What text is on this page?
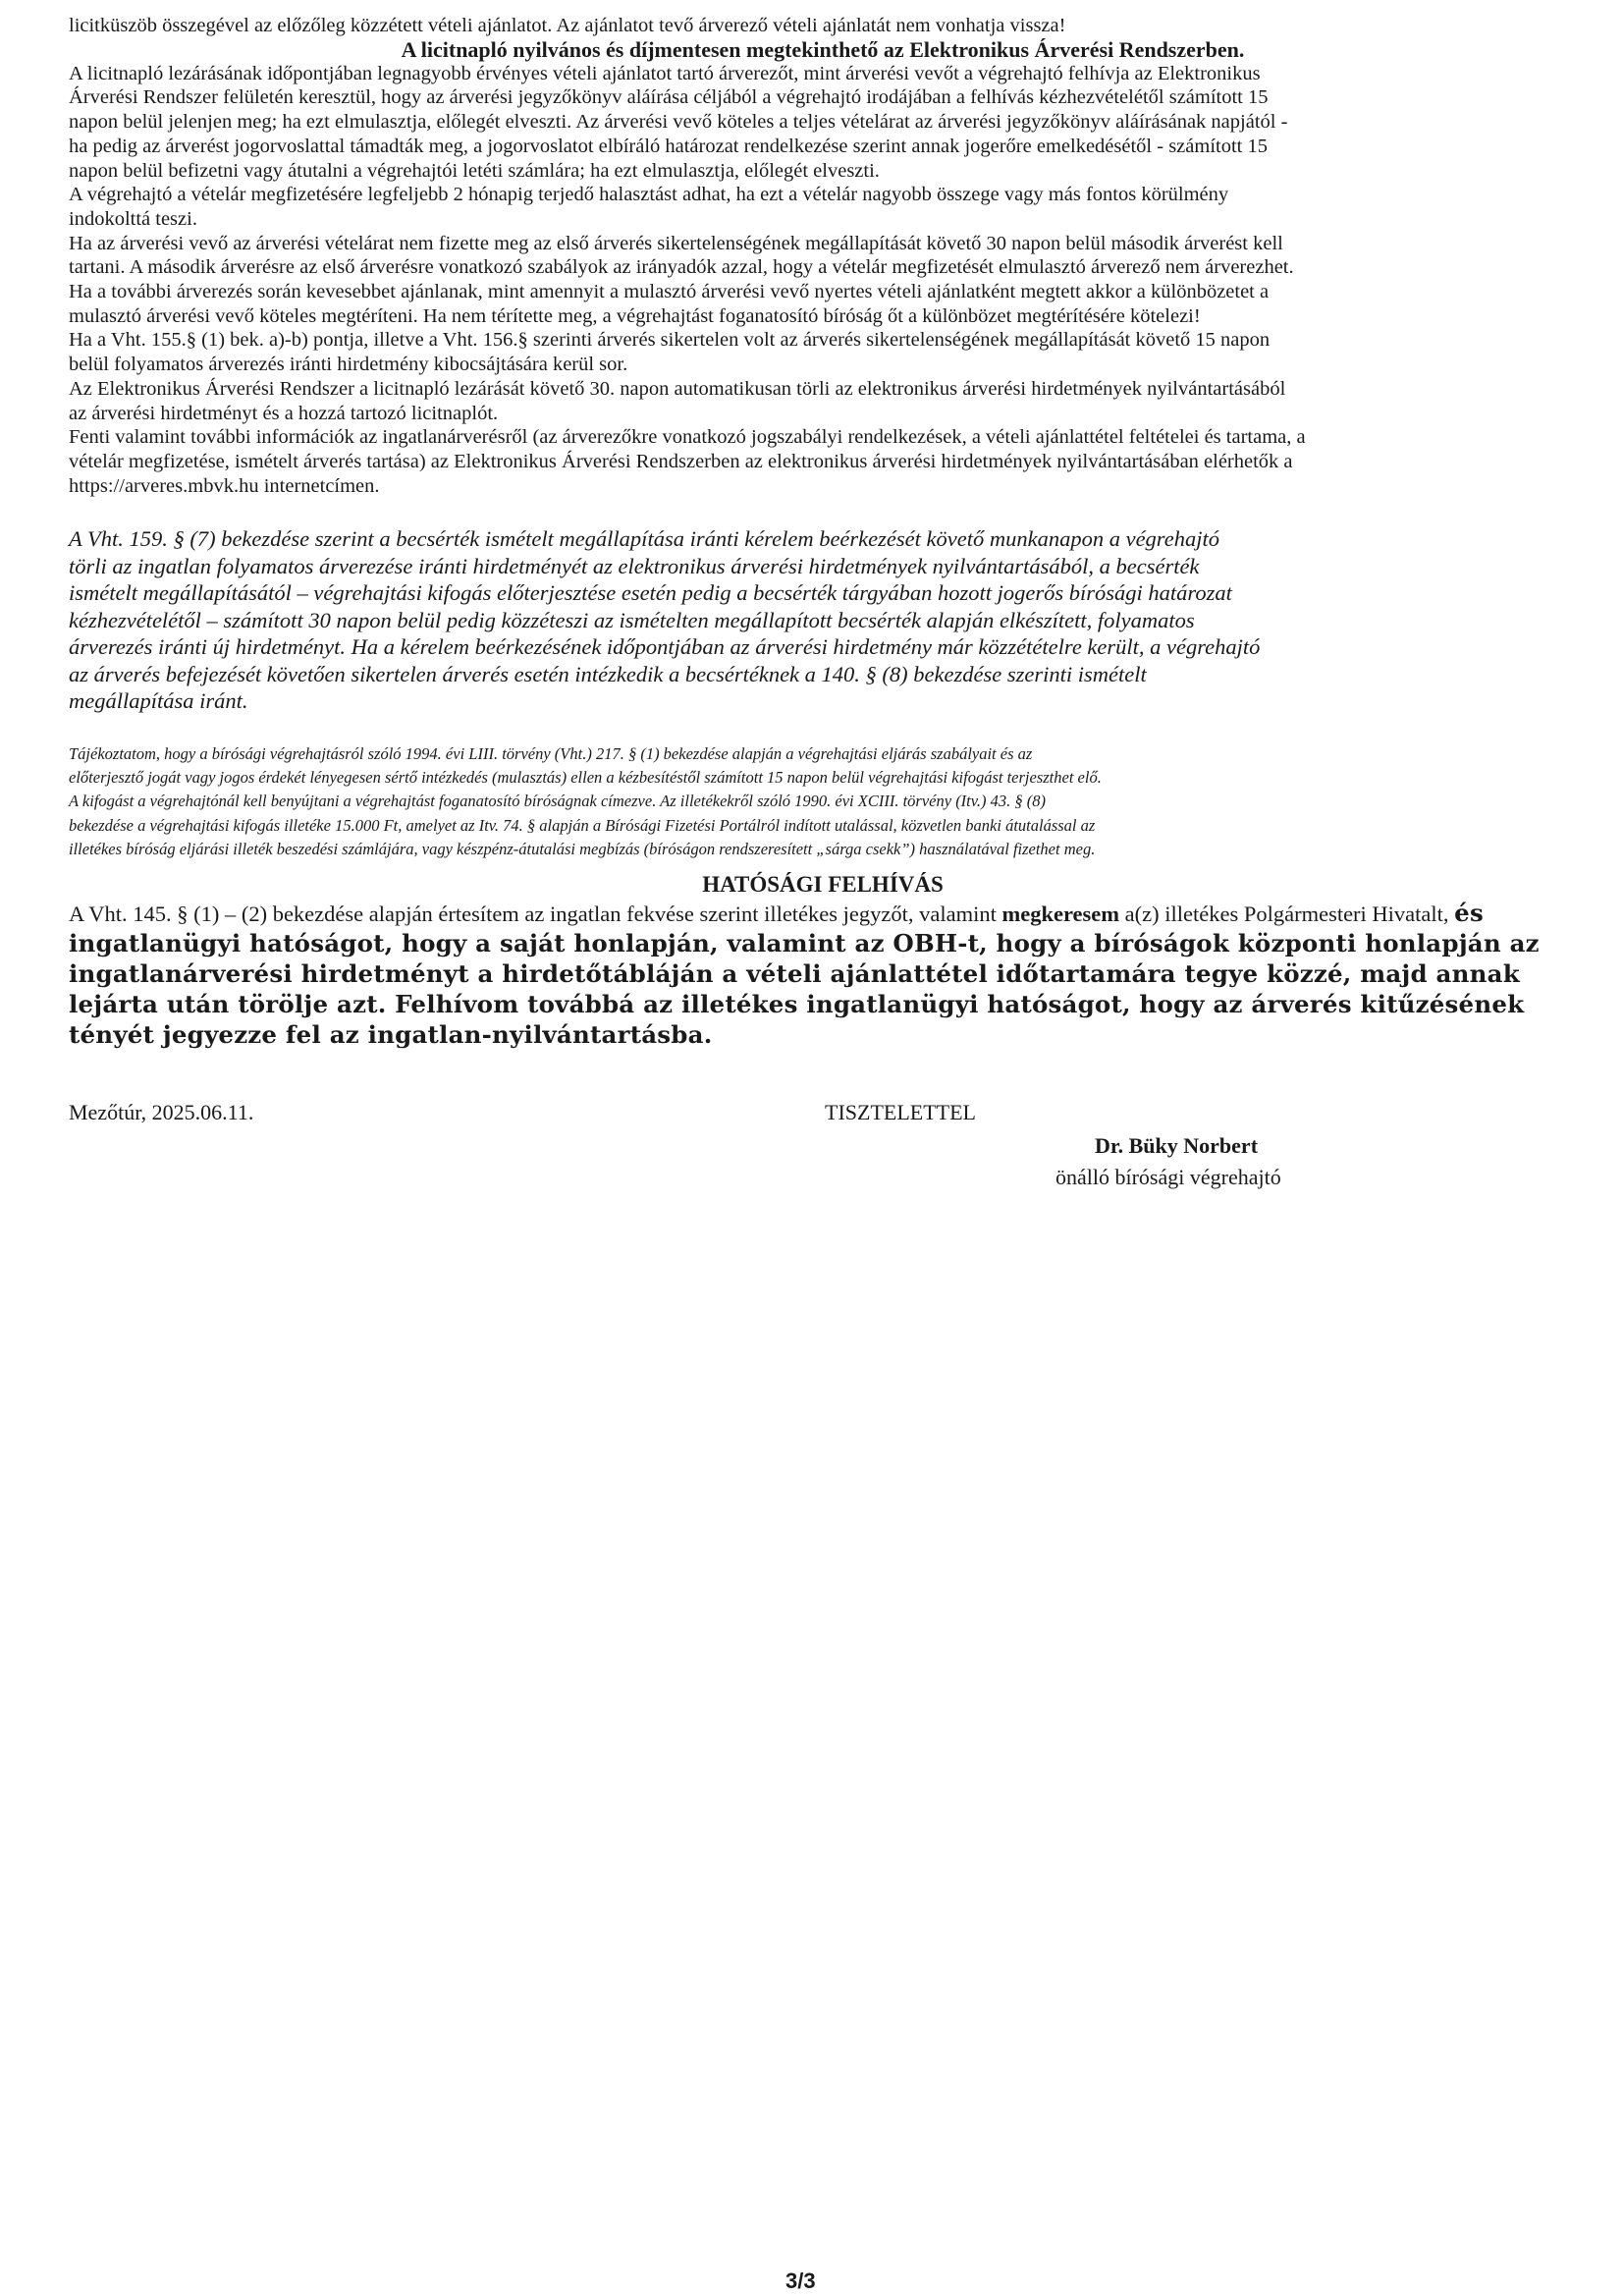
licitküszöb összegével az előzőleg közzétett vételi ajánlatot. Az ajánlatot tevő árverező vételi ajánlatát nem vonhatja vissza!

A licitnapló nyilvános és díjmentesen megtekinthető az Elektronikus Árverési Rendszerben.

A licitnapló lezárásának időpontjában legnagyobb érvényes vételi ajánlatot tartó árverezőt, mint árverési vevőt a végrehajtó felhívja az Elektronikus
Árverési Rendszer felületén keresztül, hogy az árverési jegyzőkönyv aláírása céljából a végrehajtó irodájában a felhívás kézhezvételétől számított 15
napon belül jelenjen meg; ha ezt elmulasztja, előlegét elveszti. Az árverési vevő köteles a teljes vételárat az árverési jegyzőkönyv aláírásának napjától -
ha pedig az árverést jogorvoslattal támadták meg, a jogorvoslatot elbíráló határozat rendelkezése szerint annak jogerőre emelkedésétől - számított 15
napon belül befizetni vagy átutalni a végrehajtói letéti számlára; ha ezt elmulasztja, előlegét elveszti.
A végrehajtó a vételár megfizetésére legfeljebb 2 hónapig terjedő halasztást adhat, ha ezt a vételár nagyobb összege vagy más fontos körülmény
indokolttá teszi.
Ha az árverési vevő az árverési vételárat nem fizette meg az első árverés sikertelenségének megállapítását követő 30 napon belül második árverést kell
tartani. A második árverésre az első árverésre vonatkozó szabályok az irányadók azzal, hogy a vételár megfizetését elmulasztó árverező nem árverezhet.
Ha a további árverezés során kevesebbet ajánlanak, mint amennyit a mulasztó árverési vevő nyertes vételi ajánlatként megtett akkor a különbözetet a
mulasztó árverési vevő köteles megtéríteni. Ha nem térítette meg, a végrehajtást foganatosító bíróság őt a különbözet megtérítésére kötelezi!
Ha a Vht. 155.§ (1) bek. a)-b) pontja, illetve a Vht. 156.§ szerinti árverés sikertelen volt az árverés sikertelenségének megállapítását követő 15 napon
belül folyamatos árverezés iránti hirdetmény kibocsájtására kerül sor.
Az Elektronikus Árverési Rendszer a licitnapló lezárását követő 30. napon automatikusan törli az elektronikus árverési hirdetmények nyilvántartásából
az árverési hirdetményt és a hozzá tartozó licitnaplót.
Fenti valamint további információk az ingatlanárverésről (az árverezőkre vonatkozó jogszabályi rendelkezések, a vételi ajánlattétel feltételei és tartama, a
vételár megfizetése, ismételt árverés tartása) az Elektronikus Árverési Rendszerben az elektronikus árverési hirdetmények nyilvántartásában elérhetők a
https://arveres.mbvk.hu internetcímen.
A Vht. 159. § (7) bekezdése szerint a becsérték ismételt megállapítása iránti kérelem beérkezését követő munkanapon a végrehajtó
törli az ingatlan folyamatos árverezése iránti hirdetményét az elektronikus árverési hirdetmények nyilvántartásából, a becsérték
ismételt megállapításától – végrehajtási kifogás előterjesztése esetén pedig a becsérték tárgyában hozott jogerős bírósági határozat
kézhezvételétől – számított 30 napon belül pedig közzéteszi az ismételten megállapított becsérték alapján elkészített, folyamatos
árverezés iránti új hirdetményt. Ha a kérelem beérkezésének időpontjában az árverési hirdetmény már közzétételre került, a végrehajtó
az árverés befejezését követően sikertelen árverés esetén intézkedik a becsértéknek a 140. § (8) bekezdése szerinti ismételt
megállapítása iránt.
Tájékoztatom, hogy a bírósági végrehajtásról szóló 1994. évi LIII. törvény (Vht.) 217. § (1) bekezdése alapján a végrehajtási eljárás szabályait és az
előterjesztő jogát vagy jogos érdekét lényegesen sértő intézkedés (mulasztás) ellen a kézbesítéstől számított 15 napon belül végrehajtási kifogást terjeszthet elő.
A kifogást a végrehajtónál kell benyújtani a végrehajtást foganatosító bíróságnak címezve. Az illetékekről szóló 1990. évi XCIII. törvény (Itv.) 43. § (8)
bekezdése a végrehajtási kifogás illetéke 15.000 Ft, amelyet az Itv. 74. § alapján a Bírósági Fizetési Portálról indított utalással, közvetlen banki átutalással az
illetékes bíróság eljárási illeték beszedési számlájára, vagy készpénz-átutalási megbízás (bíróságon rendszeresített „sárga csekk”) használatával fizethet meg.

HATÓSÁGI FELHÍVÁS

A Vht. 145. § (1) – (2) bekezdése alapján értesítem az ingatlan fekvése szerint illetékes jegyzőt, valamint megkeresem a(z) illetékes Polgármesteri Hivatalt, és ingatlanügyi hatóságot, hogy a saját honlapján, valamint az OBH-t, hogy a bíróságok központi honlapján az ingatlanárverési hirdetményt a hirdetőtábláján a vételi ajánlattétel időtartamára tegye közzé, majd annak lejárta után törölje azt. Felhívom továbbá az illetékes ingatlanügyi hatóságot, hogy az árverés kitűzésének tényét jegyezze fel az ingatlan-nyilvántartásba.

Mezőtúr, 2025.06.11.	TISZTELETTEL
Dr. Büky Norbert
önálló bírósági végrehajtó
3/3
